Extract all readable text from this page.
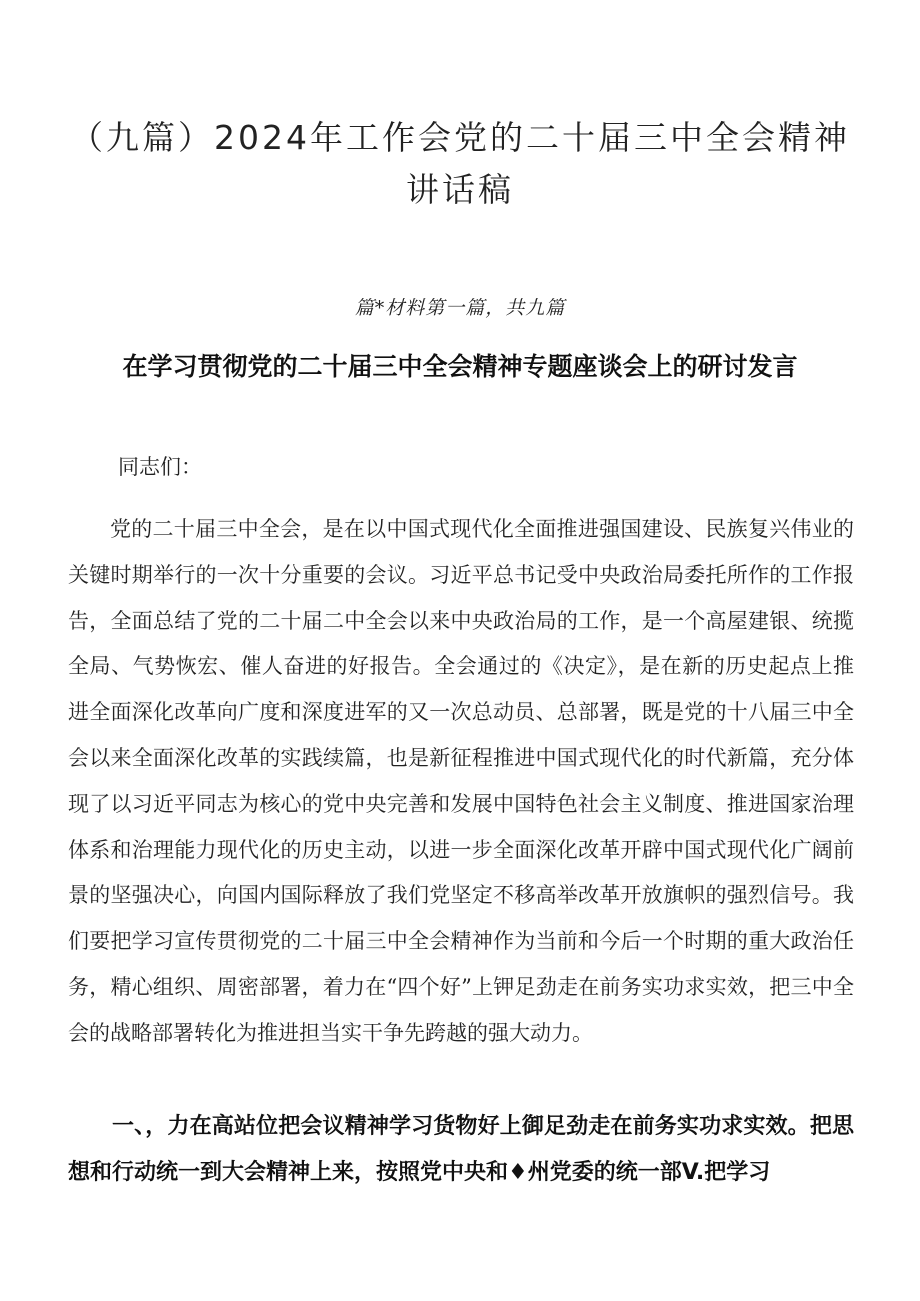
（九篇）2024年工作会党的二十届三中全会精神讲话稿
篇*材料第一篇，共九篇
在学习贯彻党的二十届三中全会精神专题座谈会上的研讨发言
同志们：

党的二十届三中全会，是在以中国式现代化全面推进强国建设、民族复兴伟业的关键时期举行的一次十分重要的会议。习近平总书记受中央政治局委托所作的工作报告，全面总结了党的二十届二中全会以来中央政治局的工作，是一个高屋建银、统揽全局、气势恢宏、催人奋进的好报告。全会通过的《决定》，是在新的历史起点上推进全面深化改革向广度和深度进军的又一次总动员、总部署，既是党的十八届三中全会以来全面深化改革的实践续篇，也是新征程推进中国式现代化的时代新篇，充分体现了以习近平同志为核心的党中央完善和发展中国特色社会主义制度、推进国家治理体系和治理能力现代化的历史主动，以进一步全面深化改革开辟中国式现代化广阔前景的坚强决心，向国内国际释放了我们党坚定不移高举改革开放旗帜的强烈信号。我们要把学习宣传贯彻党的二十届三中全会精神作为当前和今后一个时期的重大政治任务，精心组织、周密部署，着力在“四个好”上钾足劲走在前务实功求实效，把三中全会的战略部署转化为推进担当实干争先跨越的强大动力。

一、，力在高站位把会议精神学习货物好上御足劲走在前务实功求实效。把思想和行动统一到大会精神上来，按照党中央和♦州党委的统一部V.把学习
